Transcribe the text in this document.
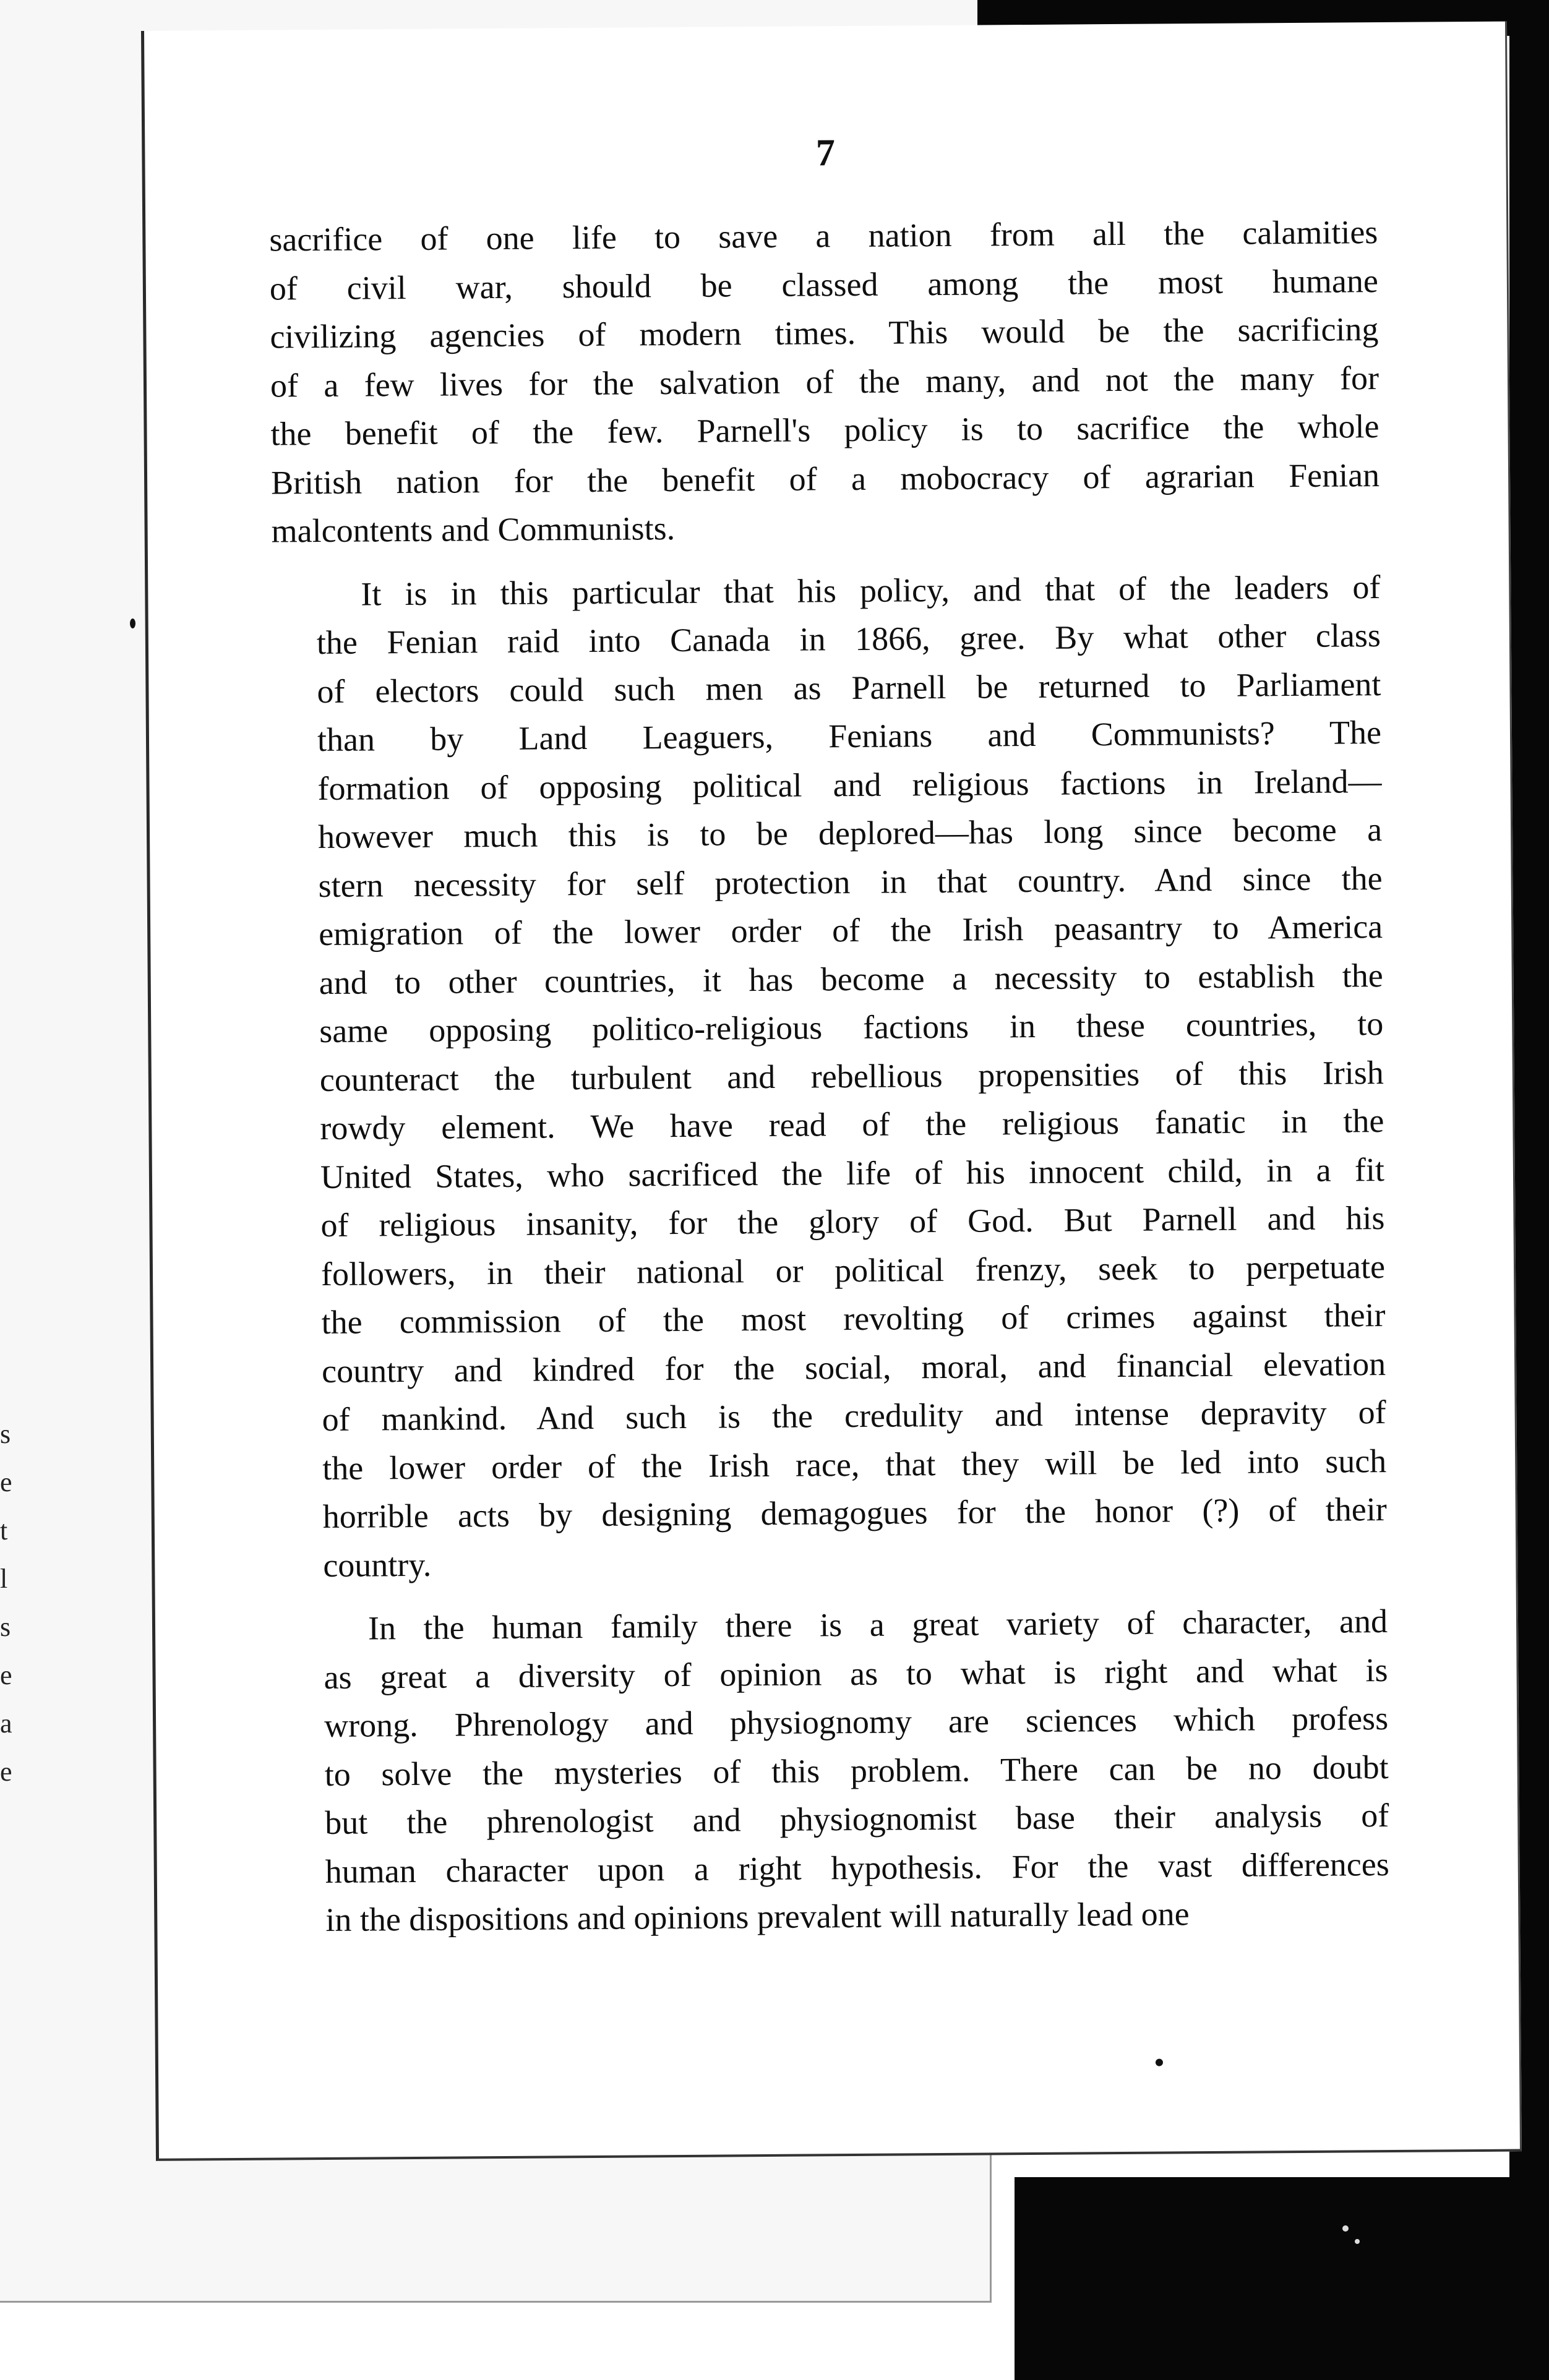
s
e
t
l
s
e
a
e
7
sacrifice of one life to save a nation from all the calamities
of civil war, should be classed among the most humane
civilizing agencies of modern times. This would be the sacrificing
of a few lives for the salvation of the many, and not the many for
the benefit of the few. Parnell's policy is to sacrifice the whole
British nation for the benefit of a mobocracy of agrarian Fenian
malcontents and Communists.
It is in this particular that his policy, and that of the leaders of
the Fenian raid into Canada in 1866, gree. By what other class
of electors could such men as Parnell be returned to Parliament
than by Land Leaguers, Fenians and Communists? The
formation of opposing political and religious factions in Ireland—
however much this is to be deplored—has long since become a
stern necessity for self protection in that country. And since the
emigration of the lower order of the Irish peasantry to America
and to other countries, it has become a necessity to establish the
same opposing politico-religious factions in these countries, to
counteract the turbulent and rebellious propensities of this Irish
rowdy element. We have read of the religious fanatic in the
United States, who sacrificed the life of his innocent child, in a fit
of religious insanity, for the glory of God. But Parnell and his
followers, in their national or political frenzy, seek to perpetuate
the commission of the most revolting of crimes against their
country and kindred for the social, moral, and financial elevation
of mankind. And such is the credulity and intense depravity of
the lower order of the Irish race, that they will be led into such
horrible acts by designing demagogues for the honor (?) of their
country.
In the human family there is a great variety of character, and
as great a diversity of opinion as to what is right and what is
wrong. Phrenology and physiognomy are sciences which profess
to solve the mysteries of this problem. There can be no doubt
but the phrenologist and physiognomist base their analysis of
human character upon a right hypothesis. For the vast differences
in the dispositions and opinions prevalent will naturally lead one
